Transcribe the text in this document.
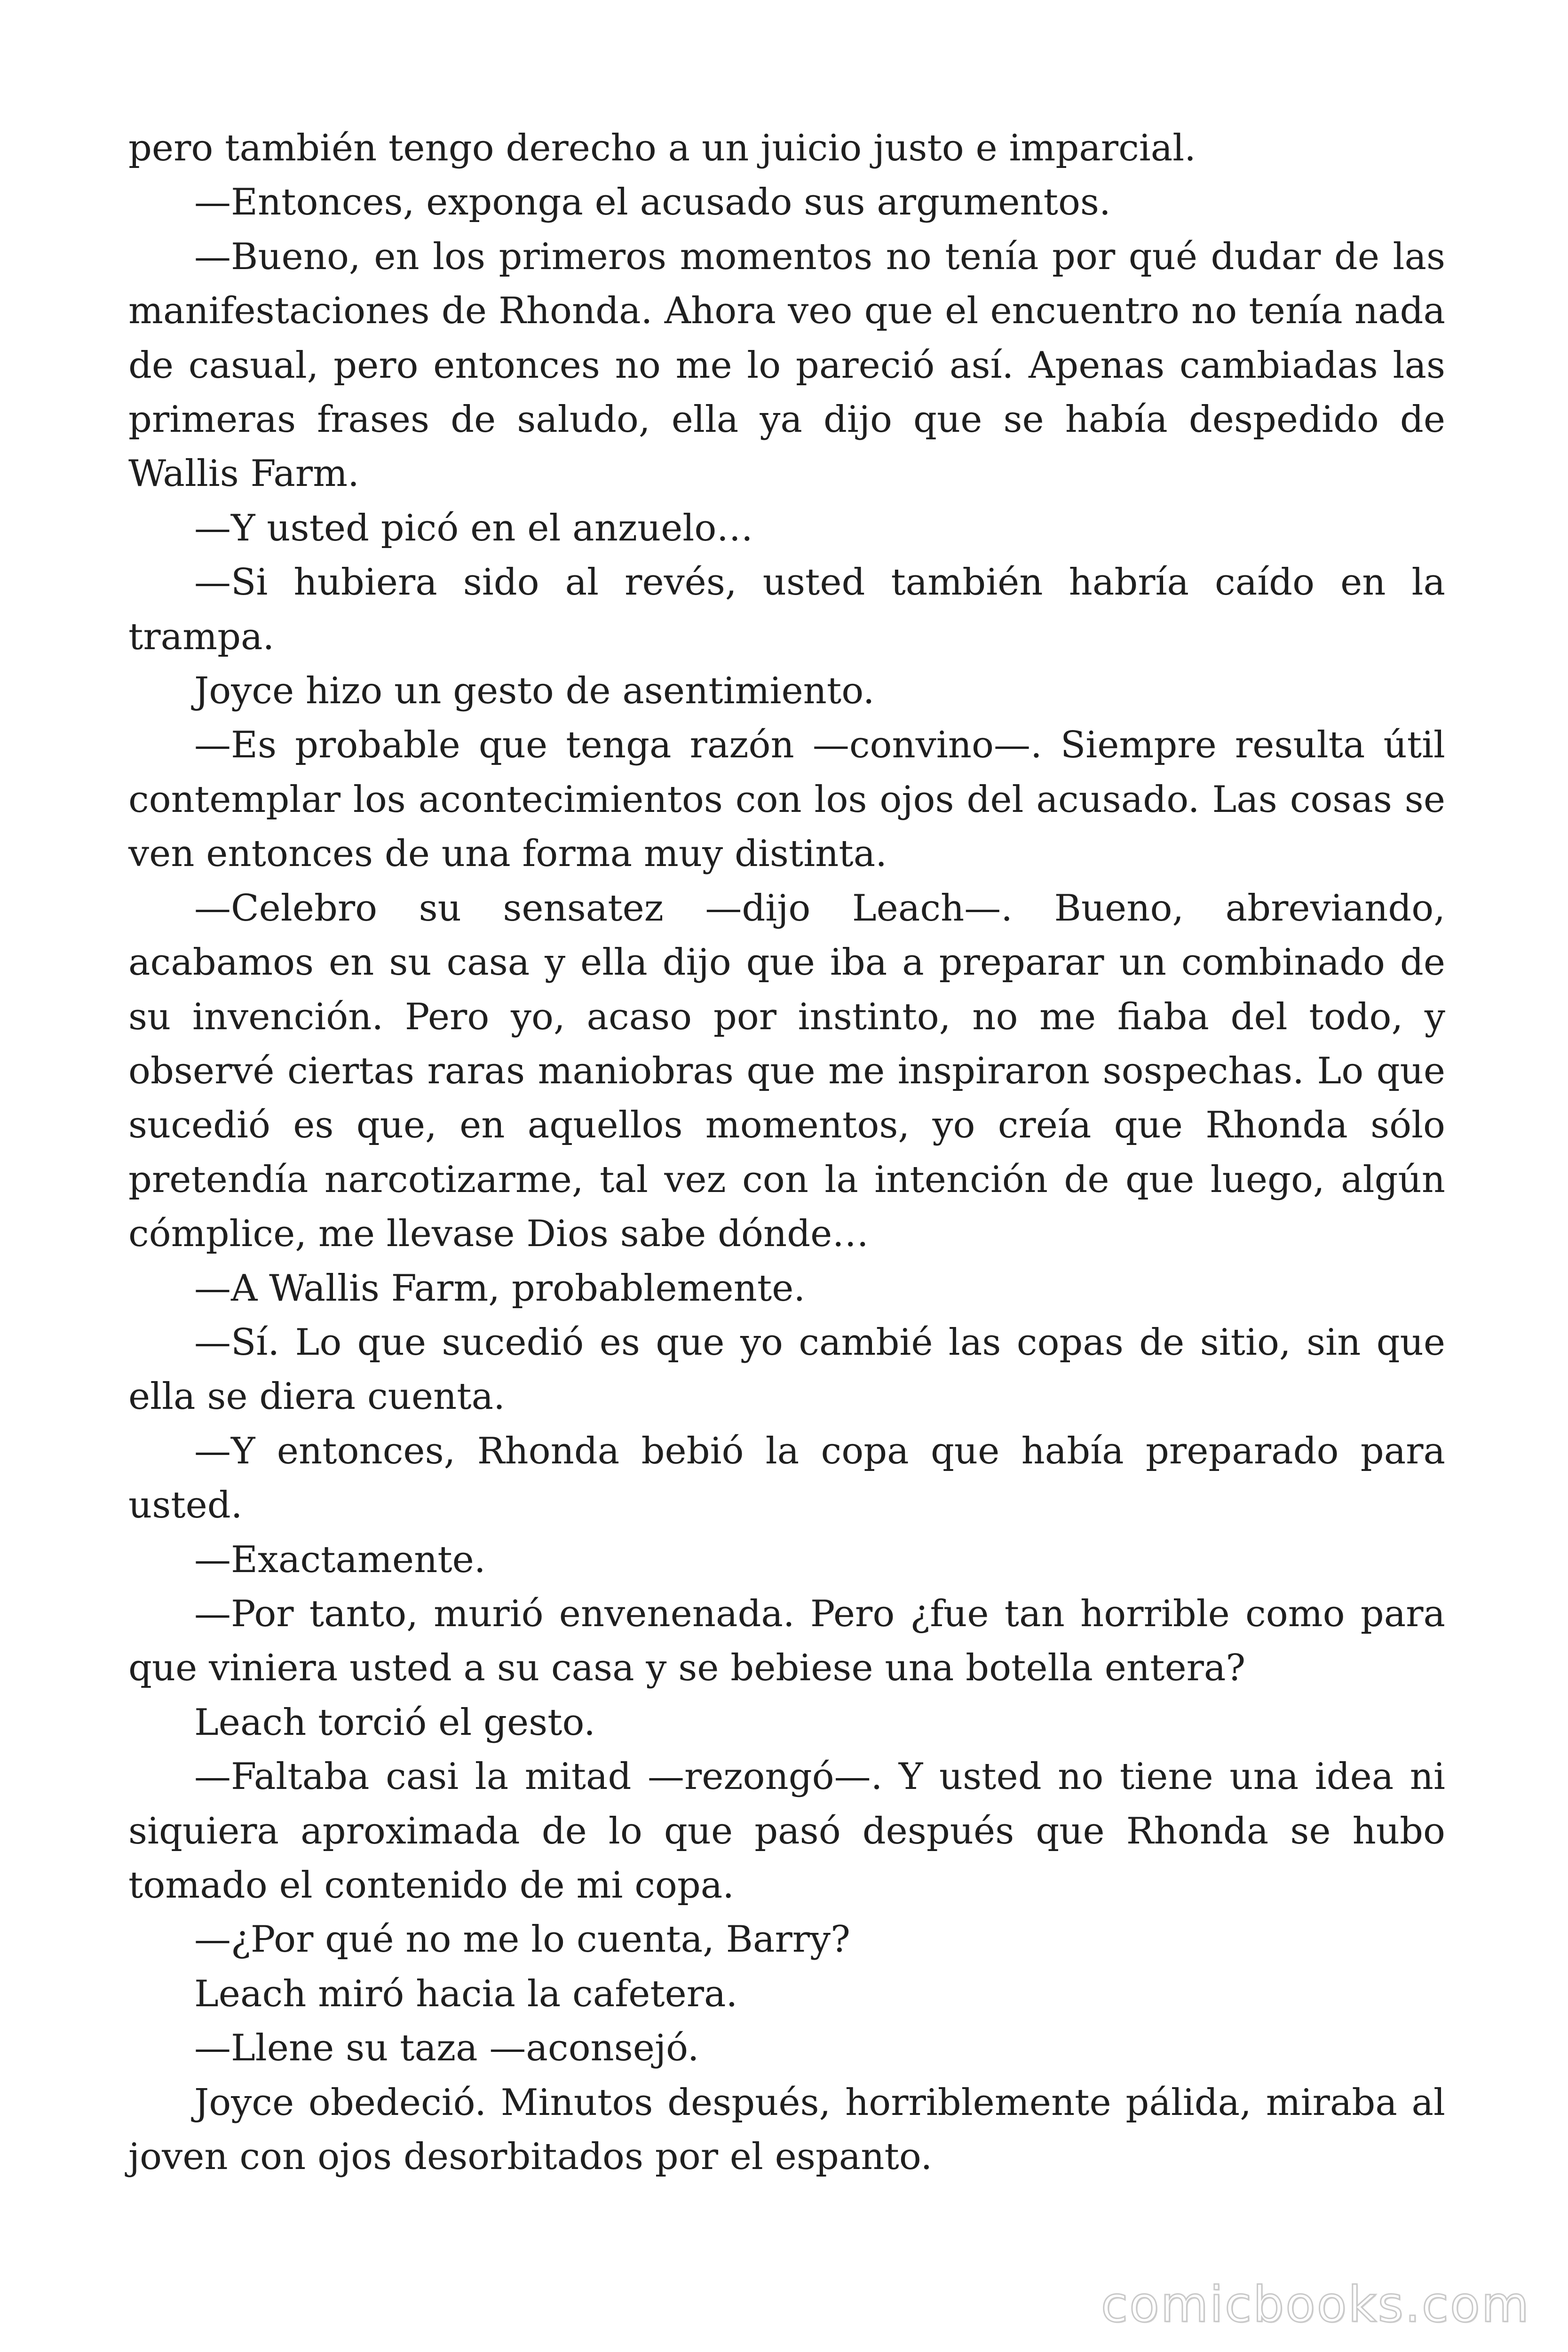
pero también tengo derecho a un juicio justo e imparcial.

—Entonces, exponga el acusado sus argumentos.

—Bueno, en los primeros momentos no tenía por qué dudar de las manifestaciones de Rhonda. Ahora veo que el encuentro no tenía nada de casual, pero entonces no me lo pareció así. Apenas cambiadas las primeras frases de saludo, ella ya dijo que se había despedido de Wallis Farm.

—Y usted picó en el anzuelo…

—Si hubiera sido al revés, usted también habría caído en la trampa.

Joyce hizo un gesto de asentimiento.

—Es probable que tenga razón —convino—. Siempre resulta útil contemplar los acontecimientos con los ojos del acusado. Las cosas se ven entonces de una forma muy distinta.

—Celebro su sensatez —dijo Leach—. Bueno, abreviando, acabamos en su casa y ella dijo que iba a preparar un combinado de su invención. Pero yo, acaso por instinto, no me fiaba del todo, y observé ciertas raras maniobras que me inspiraron sospechas. Lo que sucedió es que, en aquellos momentos, yo creía que Rhonda sólo pretendía narcotizarme, tal vez con la intención de que luego, algún cómplice, me llevase Dios sabe dónde…

—A Wallis Farm, probablemente.

—Sí. Lo que sucedió es que yo cambié las copas de sitio, sin que ella se diera cuenta.

—Y entonces, Rhonda bebió la copa que había preparado para usted.

—Exactamente.

—Por tanto, murió envenenada. Pero ¿fue tan horrible como para que viniera usted a su casa y se bebiese una botella entera?

Leach torció el gesto.

—Faltaba casi la mitad —rezongó—. Y usted no tiene una idea ni siquiera aproximada de lo que pasó después que Rhonda se hubo tomado el contenido de mi copa.

—¿Por qué no me lo cuenta, Barry?

Leach miró hacia la cafetera.

—Llene su taza —aconsejó.

Joyce obedeció. Minutos después, horriblemente pálida, miraba al joven con ojos desorbitados por el espanto.

comicbooks.com
